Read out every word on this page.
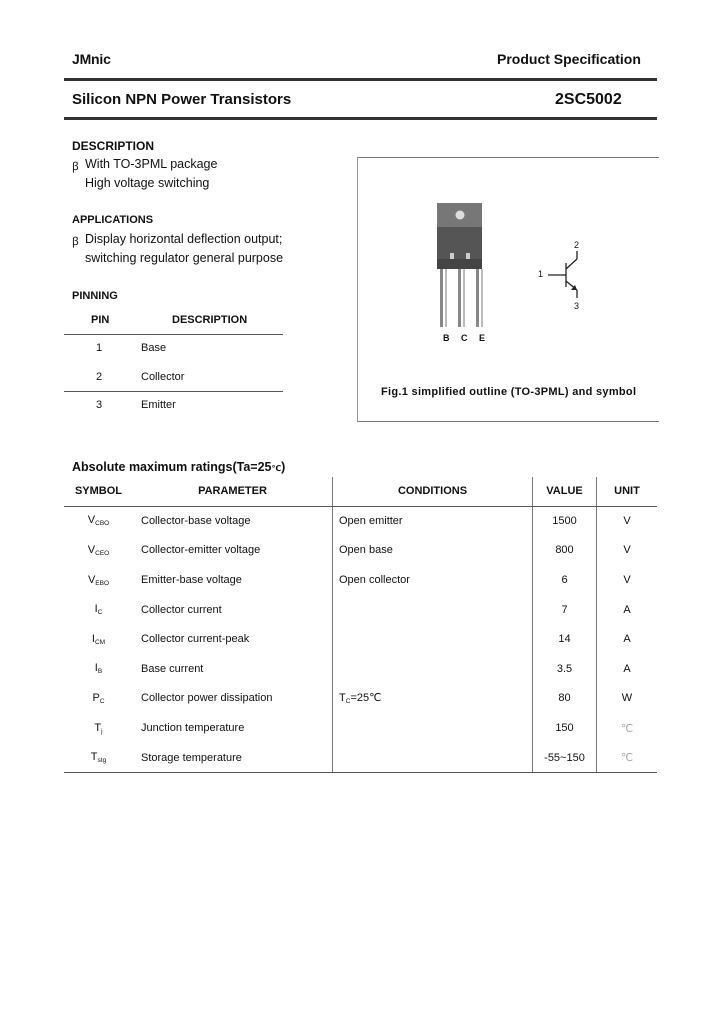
JMnic	Product Specification
Silicon NPN Power Transistors	2SC5002
DESCRIPTION
ꞵ With TO-3PML package
High voltage switching
APPLICATIONS
ꞵ Display horizontal deflection output;
switching regulator general purpose
PINNING
PIN	DESCRIPTION
1	Base
2	Collector
3	Emitter
B C E
1
2
3
Fig.1 simplified outline (TO-3PML) and symbol
Absolute maximum ratings(Ta=25℃)
SYMBOL	PARAMETER	CONDITIONS	VALUE	UNIT
$V_{CBO}$	Collector-base voltage	Open emitter	1500	V
$V_{CEO}$	Collector-emitter voltage	Open base	800	V
$V_{EBO}$	Emitter-base voltage	Open collector	6	V
$I_C$	Collector current		7	A
$I_{CM}$	Collector current-peak		14	A
$I_B$	Base current		3.5	A
$P_C$	Collector power dissipation	$T_C=25℃$	80	W
$T_j$	Junction temperature		150	℃
$T_{stg}$	Storage temperature		-55~150	℃
